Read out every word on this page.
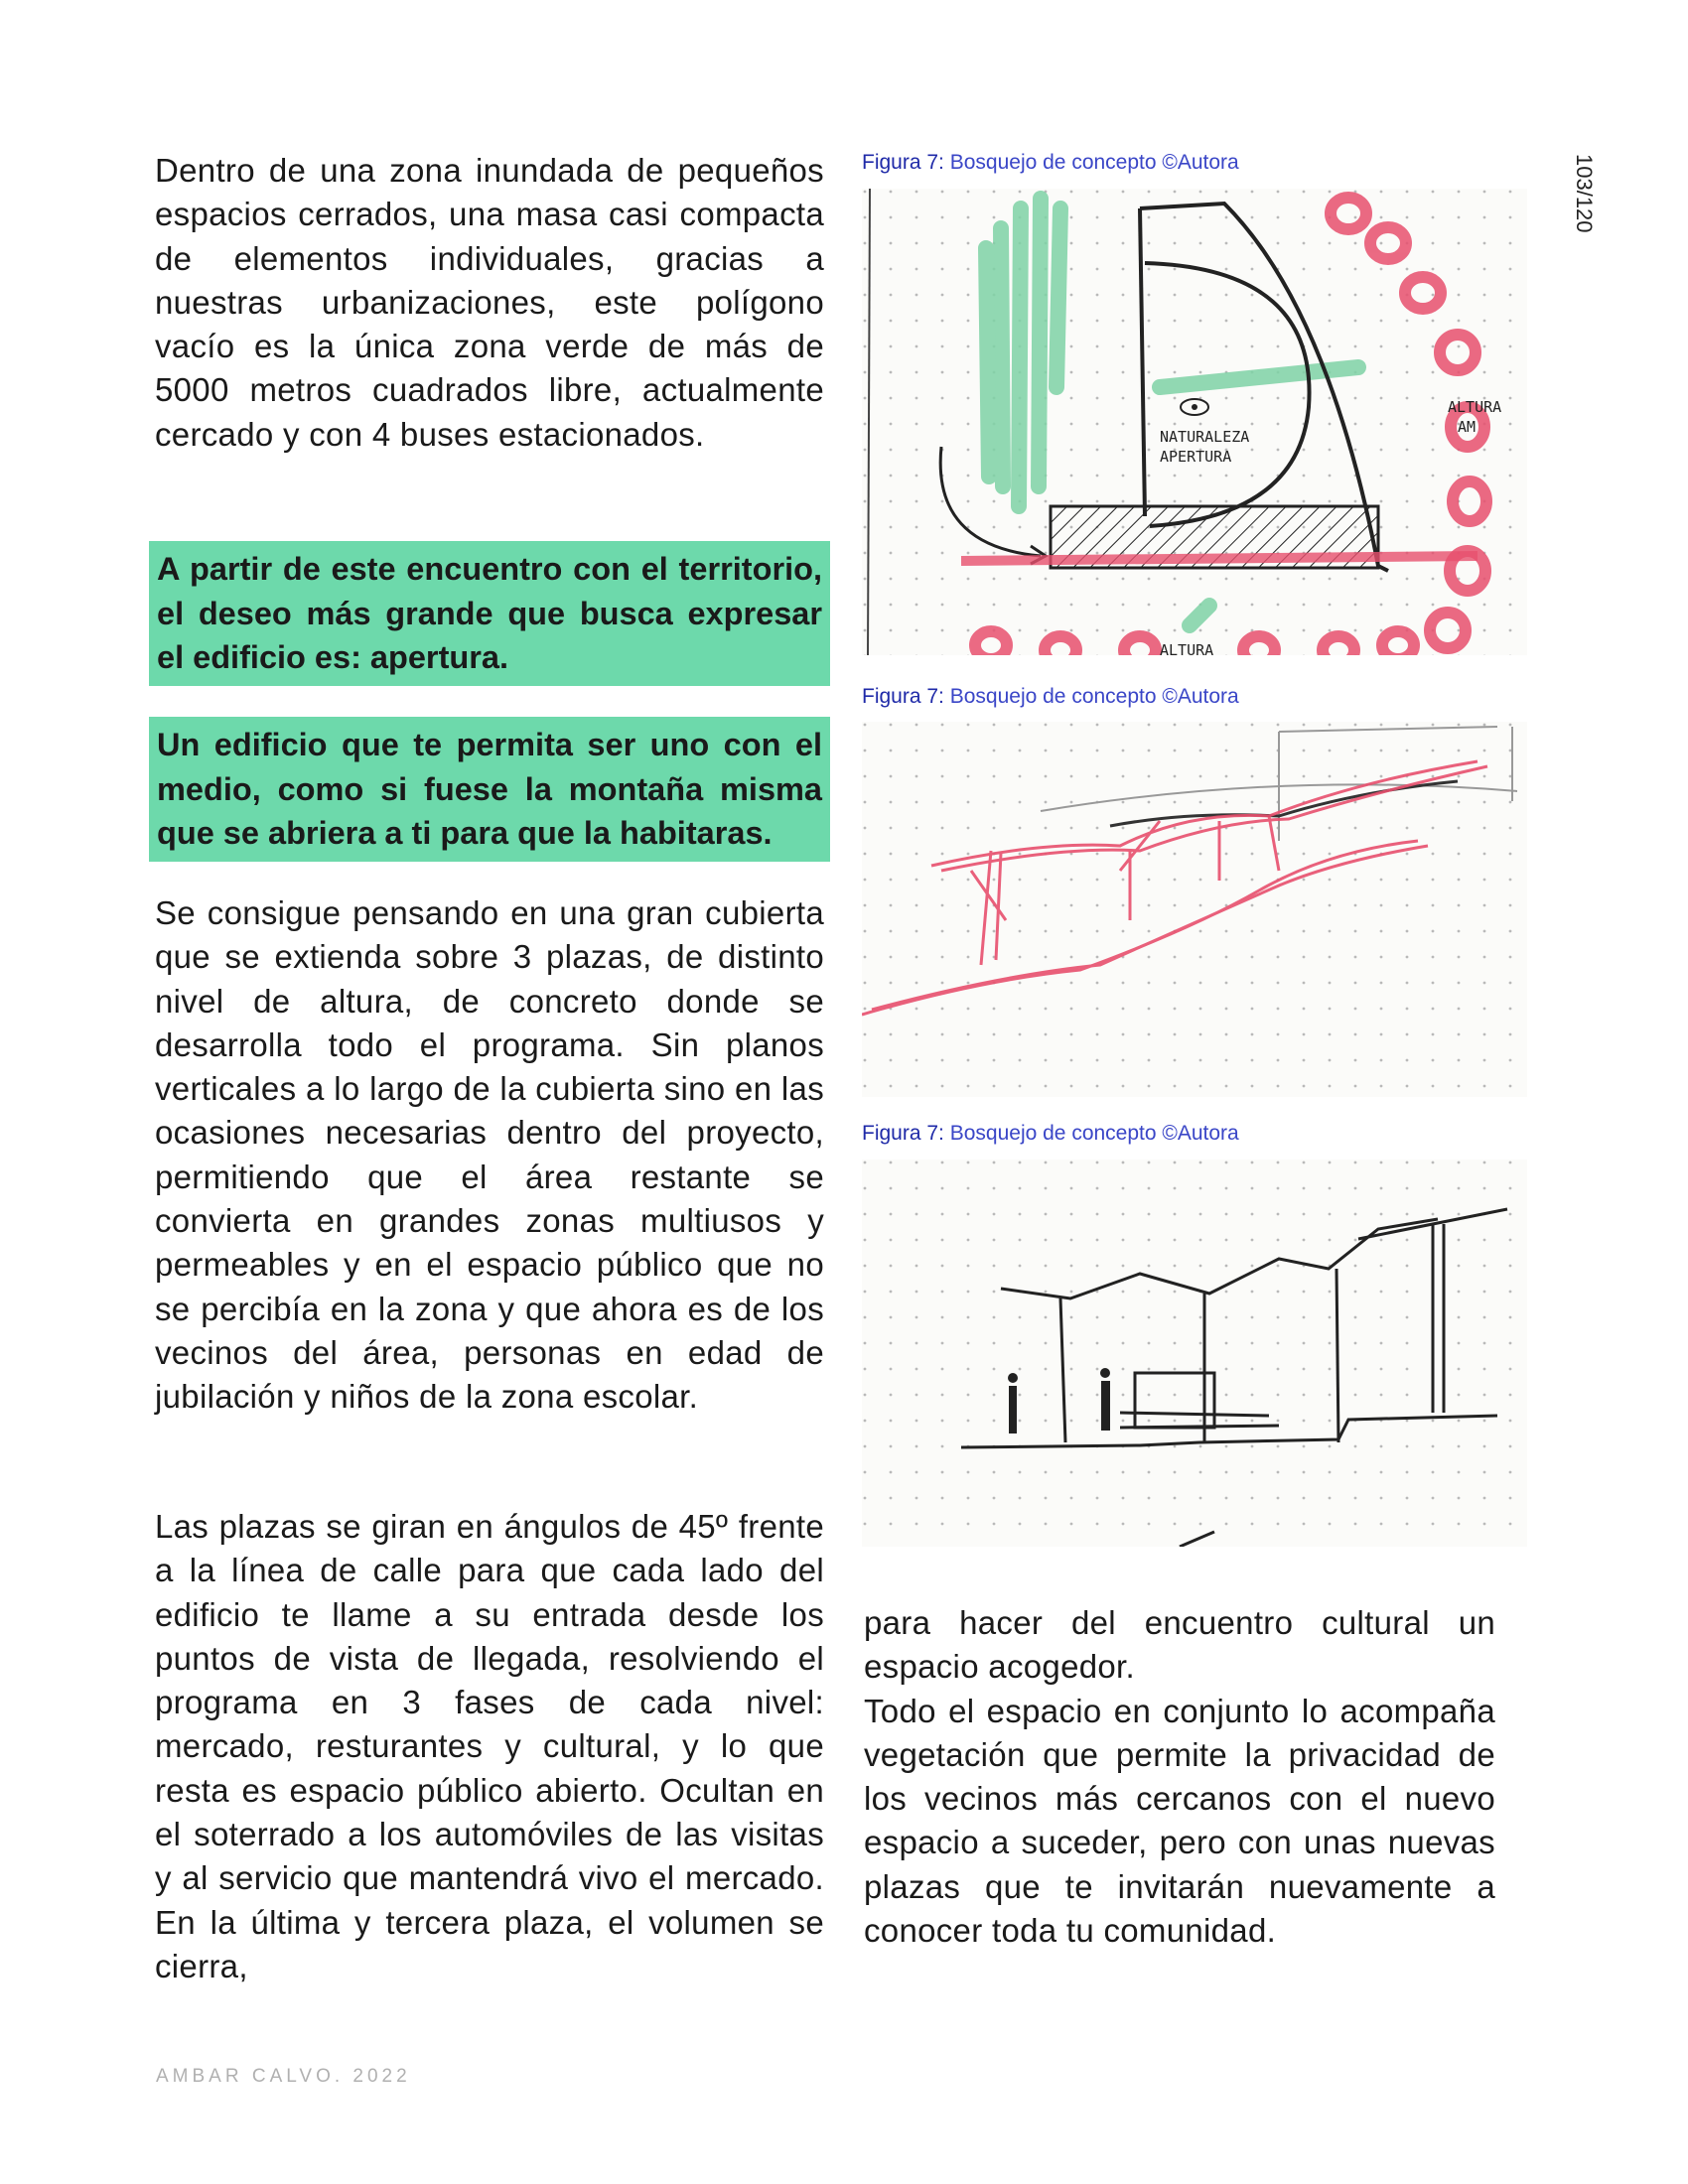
103/120

Dentro de una zona inundada de pequeños espacios cerrados, una masa casi compacta de elementos individuales, gracias a nuestras urbanizaciones, este polígono vacío es la única zona verde de más de 5000 metros cuadrados libre, actualmente cercado y con 4 buses estacionados.

A partir de este encuentro con el territorio, el deseo más grande que busca expresar el edificio es: apertura.
Un edificio que te permita ser uno con el medio, como si fuese la montaña misma que se abriera a ti para que la habitaras.

Se consigue pensando en una gran cubierta que se extienda sobre 3 plazas, de distinto nivel de altura, de concreto donde se desarrolla todo el programa. Sin planos verticales a lo largo de la cubierta sino en las ocasiones necesarias dentro del proyecto, permitiendo que el área restante se convierta en grandes zonas multiusos y permeables y en el espacio público que no se percibía en la zona y que ahora es de los vecinos del área, personas en edad de jubilación y niños de la zona escolar.

Las plazas se giran en ángulos de 45º frente a la línea de calle para que cada lado del edificio te llame a su entrada desde los puntos de vista de llegada, resolviendo el programa en 3 fases de cada nivel: mercado, resturantes y cultural, y lo que resta es espacio público abierto. Ocultan en el soterrado a los automóviles de las visitas y al servicio que mantendrá vivo el mercado. En la última y tercera plaza, el volumen se cierra,

Figura 7: Bosquejo de concepto ©Autora
NATURALEZA
APERTURA
ALTURA
AM
ALTURA
Figura 7: Bosquejo de concepto ©Autora
Figura 7: Bosquejo de concepto ©Autora

para hacer del encuentro cultural un espacio acogedor.

Todo el espacio en conjunto lo acompaña vegetación que permite la privacidad de los vecinos más cercanos con el nuevo espacio a suceder, pero con unas nuevas plazas que te invitarán nuevamente a conocer toda tu comunidad.

AMBAR CALVO. 2022
